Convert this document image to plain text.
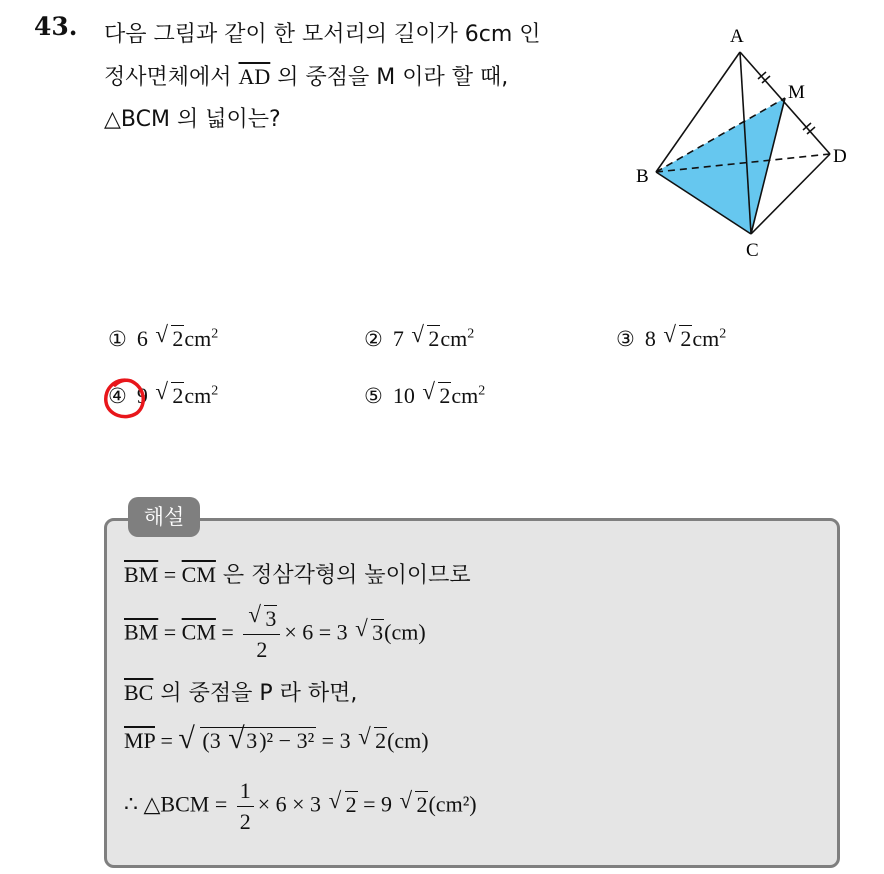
43. 다음 그림과 같이 한 모서리의 길이가 6cm 인
정사면체에서 $\overline{AD}$ 의 중점을 M 이라 할 때,
△BCM 의 넓이는?
A
M
D
B
C
① 6 √ $2cm^2$	② 7 √ $2cm^2$	③ 8 √ $2cm^2$
④ 9 √ $2cm^2$	⑤ 10 √ $2cm^2$
해설
$\overline{BM} = \overline{CM}$ 은 정삼각형의 높이이므로
$\overline{BM} = \overline{CM} = \frac{√ 3}{2} \times 6 = 3$ √ 3(cm)
$\overline{BC}$ 의 중점을 P 라 하면,
$\overline{MP}$ = √ (3 √ 3)² − 3² = 3 √ 2(cm)
∴ △BCM = $\frac{1}{2} \times 6 \times 3$ √ 2 = 9 √ 2(cm²)
